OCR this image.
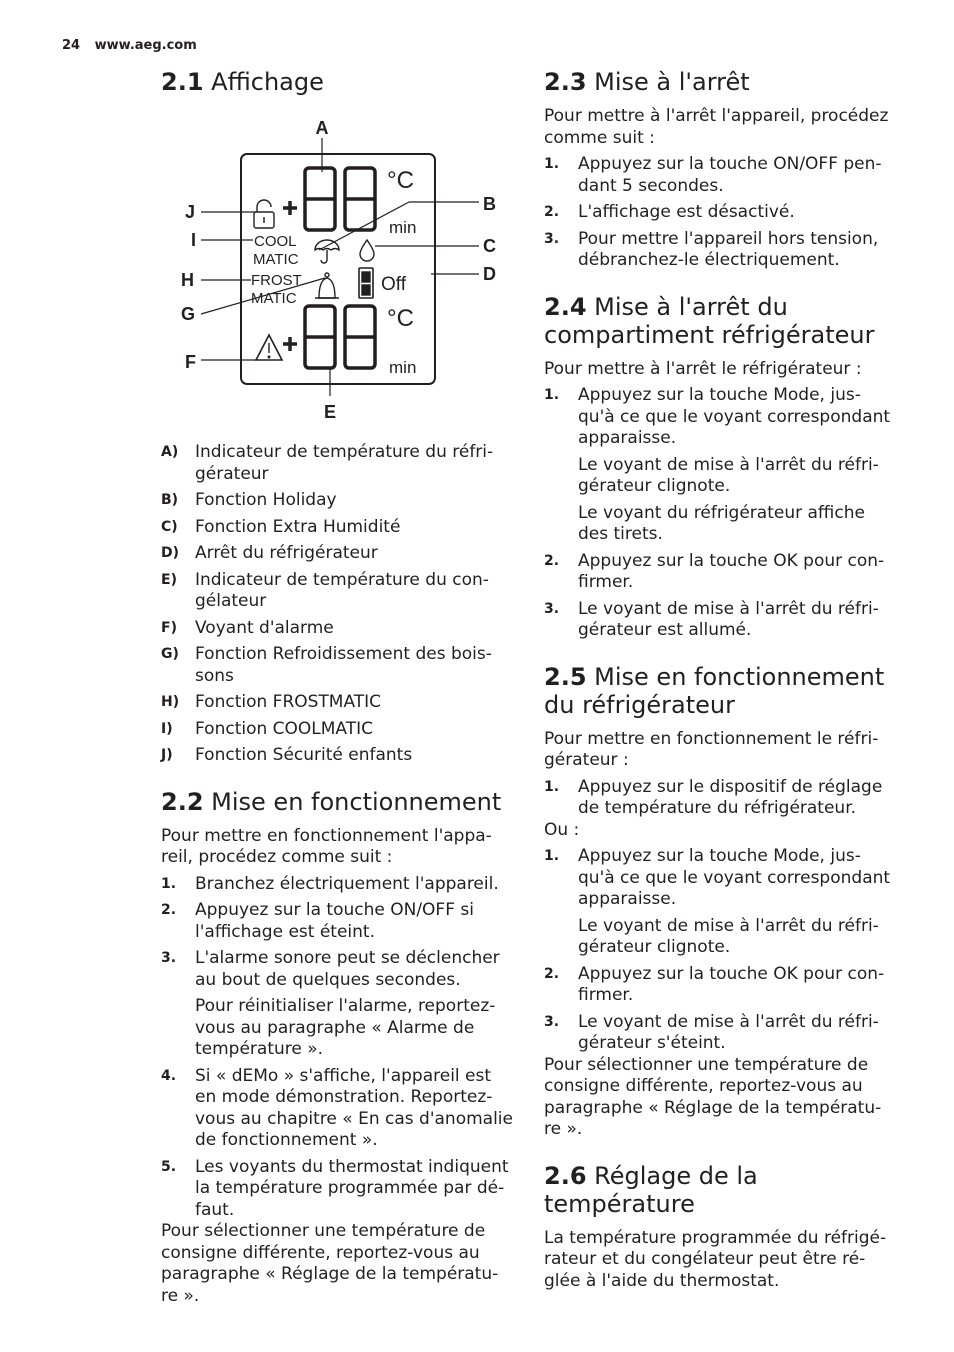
24 www.aeg.com
2.1 Affichage
A
B
C
D
E
F
G
H
I
J
°C
min
Off
°C
min
COOL
MATIC
FROST
MATIC
A) Indicateur de température du réfri-gérateur
B) Fonction Holiday
C)	Fonction Extra Humidité
D) Arrêt du réfrigérateur
E)	Indicateur de température du con-gélateur
F)	Voyant d'alarme
G) Fonction Refroidissement des bois-sons
H) Fonction FROSTMATIC
I)	Fonction COOLMATIC
J)	Fonction Sécurité enfants
2.2 Mise en fonctionnement

Pour mettre en fonctionnement l'appa-reil, procédez comme suit :

1.	Branchez électriquement l'appareil.
2.	Appuyez sur la touche ON/OFF si l'affichage est éteint.
3.	L'alarme sonore peut se déclencher au bout de quelques secondes.

Pour réinitialiser l'alarme, reportez-vous au paragraphe « Alarme de température ».

4.	Si « dEMo » s'affiche, l'appareil est en mode démonstration. Reportez-vous au chapitre « En cas d'anomalie de fonctionnement ».
5.	Les voyants du thermostat indiquent la température programmée par dé-faut.

Pour sélectionner une température de consigne différente, reportez-vous au paragraphe « Réglage de la températu-re ».

2.3 Mise à l'arrêt

Pour mettre à l'arrêt l'appareil, procédez comme suit :

1.	Appuyez sur la touche ON/OFF pen-dant 5 secondes.
2.	L'affichage est désactivé.
3.	Pour mettre l'appareil hors tension, débranchez-le électriquement.
2.4 Mise à l'arrêt du compartiment réfrigérateur

Pour mettre à l'arrêt le réfrigérateur :

1.	Appuyez sur la touche Mode, jus-qu'à ce que le voyant correspondant apparaisse.

Le voyant de mise à l'arrêt du réfri-gérateur clignote.

Le voyant du réfrigérateur affiche des tirets.

2.	Appuyez sur la touche OK pour con-firmer.
3.	Le voyant de mise à l'arrêt du réfri-gérateur est allumé.
2.5 Mise en fonctionnement du réfrigérateur

Pour mettre en fonctionnement le réfri-gérateur :

1.	Appuyez sur le dispositif de réglage de température du réfrigérateur.

Ou :

1.	Appuyez sur la touche Mode, jus-qu'à ce que le voyant correspondant apparaisse.

Le voyant de mise à l'arrêt du réfri-gérateur clignote.

2.	Appuyez sur la touche OK pour con-firmer.
3.	Le voyant de mise à l'arrêt du réfri-gérateur s'éteint.

Pour sélectionner une température de consigne différente, reportez-vous au paragraphe « Réglage de la températu-re ».

2.6 Réglage de la température

La température programmée du réfrigé-rateur et du congélateur peut être ré-glée à l'aide du thermostat.
